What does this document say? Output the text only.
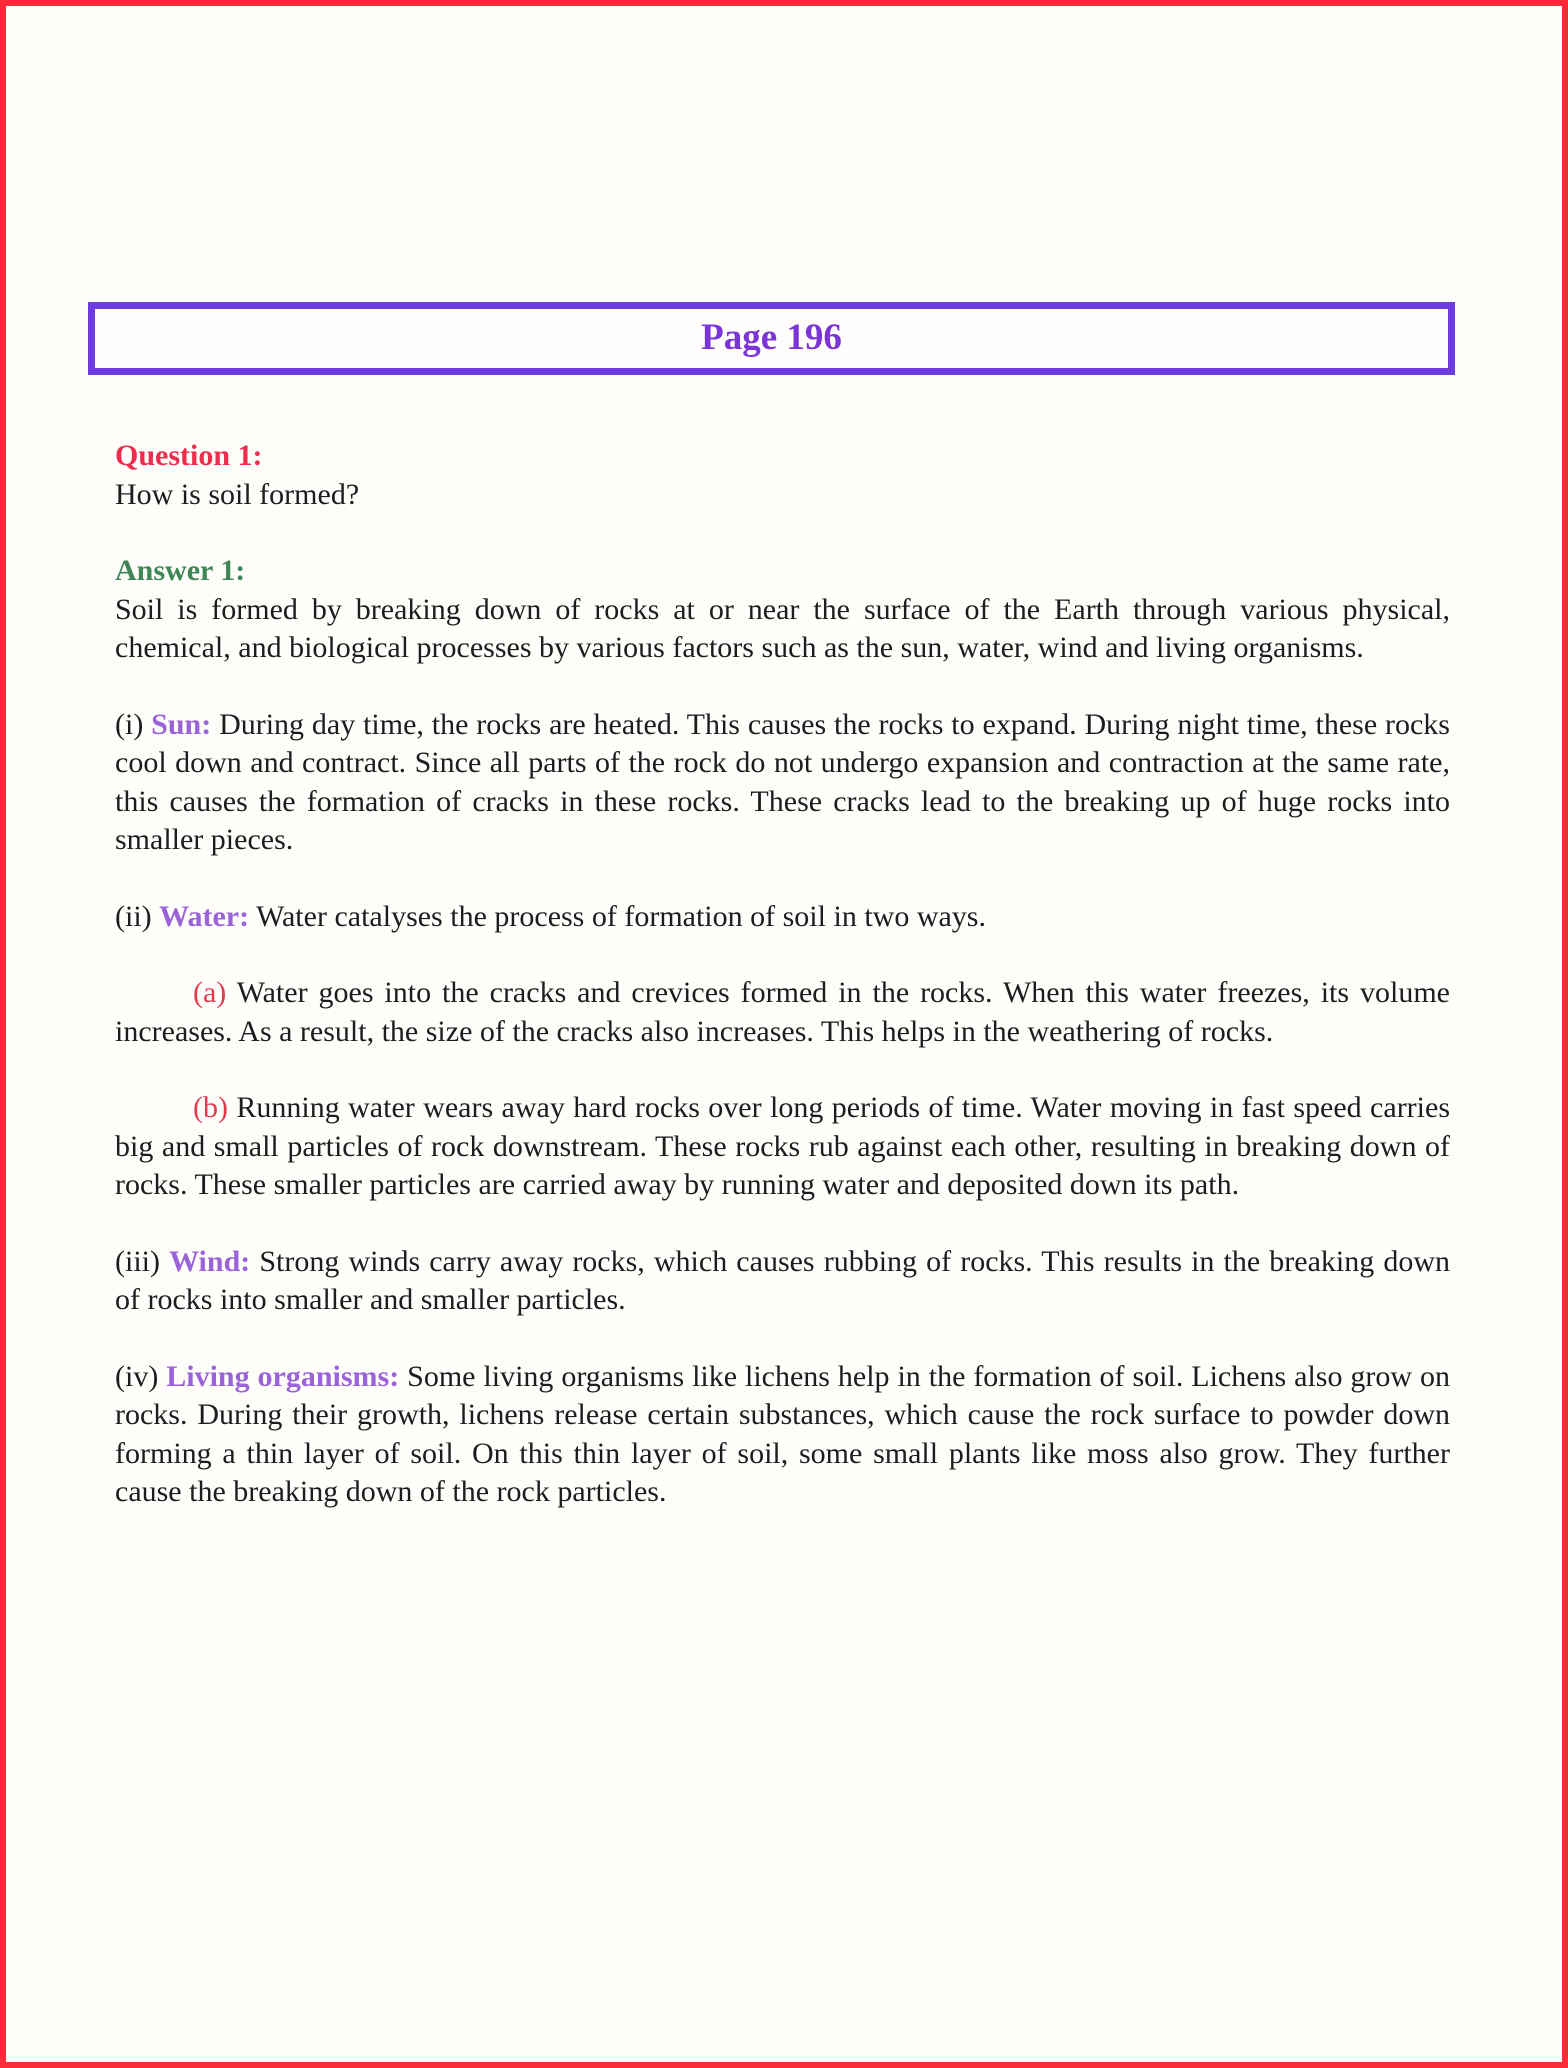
Page 196

Question 1:

How is soil formed?

Answer 1:

Soil is formed by breaking down of rocks at or near the surface of the Earth through various physical, chemical, and biological processes by various factors such as the sun, water, wind and living organisms.

(i) Sun: During day time, the rocks are heated. This causes the rocks to expand. During night time, these rocks cool down and contract. Since all parts of the rock do not undergo expansion and contraction at the same rate, this causes the formation of cracks in these rocks. These cracks lead to the breaking up of huge rocks into smaller pieces.

(ii) Water: Water catalyses the process of formation of soil in two ways.

(a) Water goes into the cracks and crevices formed in the rocks. When this water freezes, its volume increases. As a result, the size of the cracks also increases. This helps in the weathering of rocks.

(b) Running water wears away hard rocks over long periods of time. Water moving in fast speed carries big and small particles of rock downstream. These rocks rub against each other, resulting in breaking down of rocks. These smaller particles are carried away by running water and deposited down its path.

(iii) Wind: Strong winds carry away rocks, which causes rubbing of rocks. This results in the breaking down of rocks into smaller and smaller particles.

(iv) Living organisms: Some living organisms like lichens help in the formation of soil. Lichens also grow on rocks. During their growth, lichens release certain substances, which cause the rock surface to powder down forming a thin layer of soil. On this thin layer of soil, some small plants like moss also grow. They further cause the breaking down of the rock particles.
